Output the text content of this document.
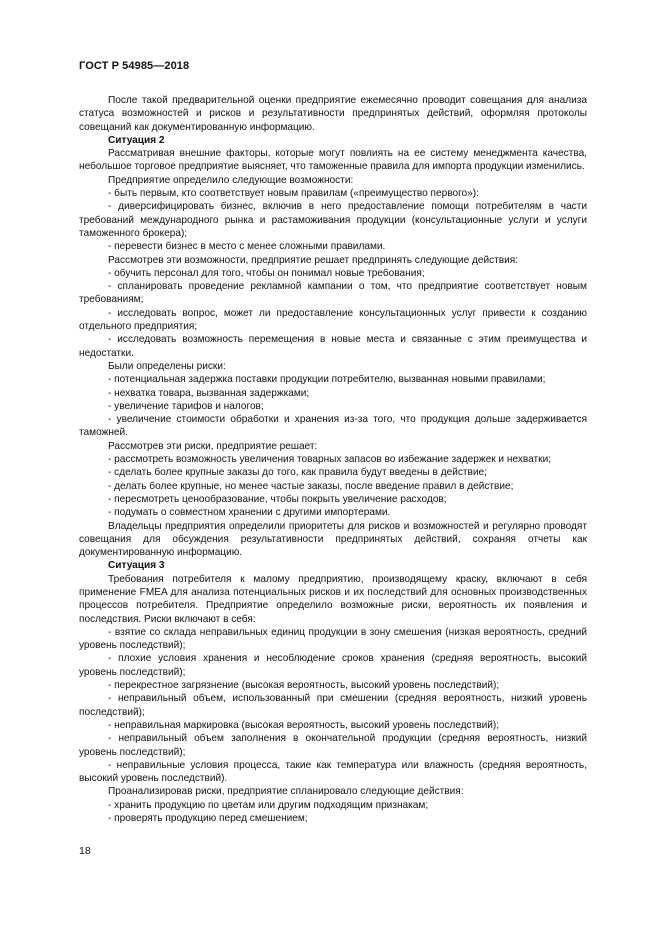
ГОСТ Р 54985—2018

После такой предварительной оценки предприятие ежемесячно проводит совещания для анализа статуса возможностей и рисков и результативности предпринятых действий, оформляя протоколы совещаний как документированную информацию.

Ситуация 2

Рассматривая внешние факторы, которые могут повлиять на ее систему менеджмента качества, небольшое торговое предприятие выясняет, что таможенные правила для импорта продукции изменились.

Предприятие определило следующие возможности:

- быть первым, кто соответствует новым правилам («преимущество первого»):

- диверсифицировать бизнес, включив в него предоставление помощи потребителям в части требований международного рынка и растаможивания продукции (консультационные услуги и услуги таможенного брокера);

- перевести бизнес в место с менее сложными правилами.

Рассмотрев эти возможности, предприятие решает предпринять следующие действия:

- обучить персонал для того, чтобы он понимал новые требования;

- спланировать проведение рекламной кампании о том, что предприятие соответствует новым требованиям;

- исследовать вопрос, может ли предоставление консультационных услуг привести к созданию отдельного предприятия;

- исследовать возможность перемещения в новые места и связанные с этим преимущества и недостатки.

Были определены риски:

- потенциальная задержка поставки продукции потребителю, вызванная новыми правилами;

- нехватка товара, вызванная задержками;

- увеличение тарифов и налогов;

- увеличение стоимости обработки и хранения из-за того, что продукция дольше задерживается таможней.

Рассмотрев эти риски, предприятие решает:

- рассмотреть возможность увеличения товарных запасов во избежание задержек и нехватки;

- сделать более крупные заказы до того, как правила будут введены в действие;

- делать более крупные, но менее частые заказы, после введение правил в действие;

- пересмотреть ценообразование, чтобы покрыть увеличение расходов;

- подумать о совместном хранении с другими импортерами.

Владельцы предприятия определили приоритеты для рисков и возможностей и регулярно проводят совещания для обсуждения результативности предпринятых действий, сохраняя отчеты как документированную информацию.

Ситуация 3

Требования потребителя к малому предприятию, производящему краску, включают в себя применение FMEA для анализа потенциальных рисков и их последствий для основных производственных процессов потребителя. Предприятие определило возможные риски, вероятность их появления и последствия. Риски включают в себя:

- взятие со склада неправильных единиц продукции в зону смешения (низкая вероятность, средний уровень последствий);

- плохие условия хранения и несоблюдение сроков хранения (средняя вероятность, высокий уровень последствий);

- перекрестное загрязнение (высокая вероятность, высокий уровень последствий);

- неправильный объем, использованный при смешении (средняя вероятность, низкий уровень последствий);

- неправильная маркировка (высокая вероятность, высокий уровень последствий);

- неправильный объем заполнения в окончательной продукции (средняя вероятность, низкий уровень последствий);

- неправильные условия процесса, такие как температура или влажность (средняя вероятность, высокий уровень последствий).

Проанализировав риски, предприятие спланировало следующие действия:

- хранить продукцию по цветам или другим подходящим признакам;

- проверять продукцию перед смешением;

18
